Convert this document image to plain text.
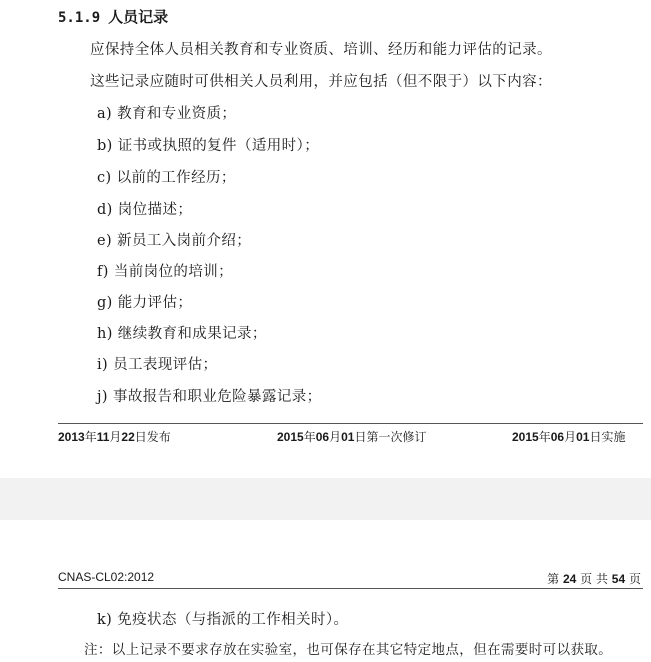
5.1.9 人员记录
应保持全体人员相关教育和专业资质、培训、经历和能力评估的记录。
这些记录应随时可供相关人员利用，并应包括（但不限于）以下内容：
a) 教育和专业资质；
b) 证书或执照的复件（适用时）；
c) 以前的工作经历；
d) 岗位描述；
e) 新员工入岗前介绍；
f) 当前岗位的培训；
g) 能力评估；
h) 继续教育和成果记录；
i) 员工表现评估；
j) 事故报告和职业危险暴露记录；
2013年11月22日发布	2015年06月01日第一次修订	2015年06月01日实施
CNAS-CL02:2012	第 24 页 共 54 页
k) 免疫状态（与指派的工作相关时）。
注：以上记录不要求存放在实验室，也可保存在其它特定地点，但在需要时可以获取。
